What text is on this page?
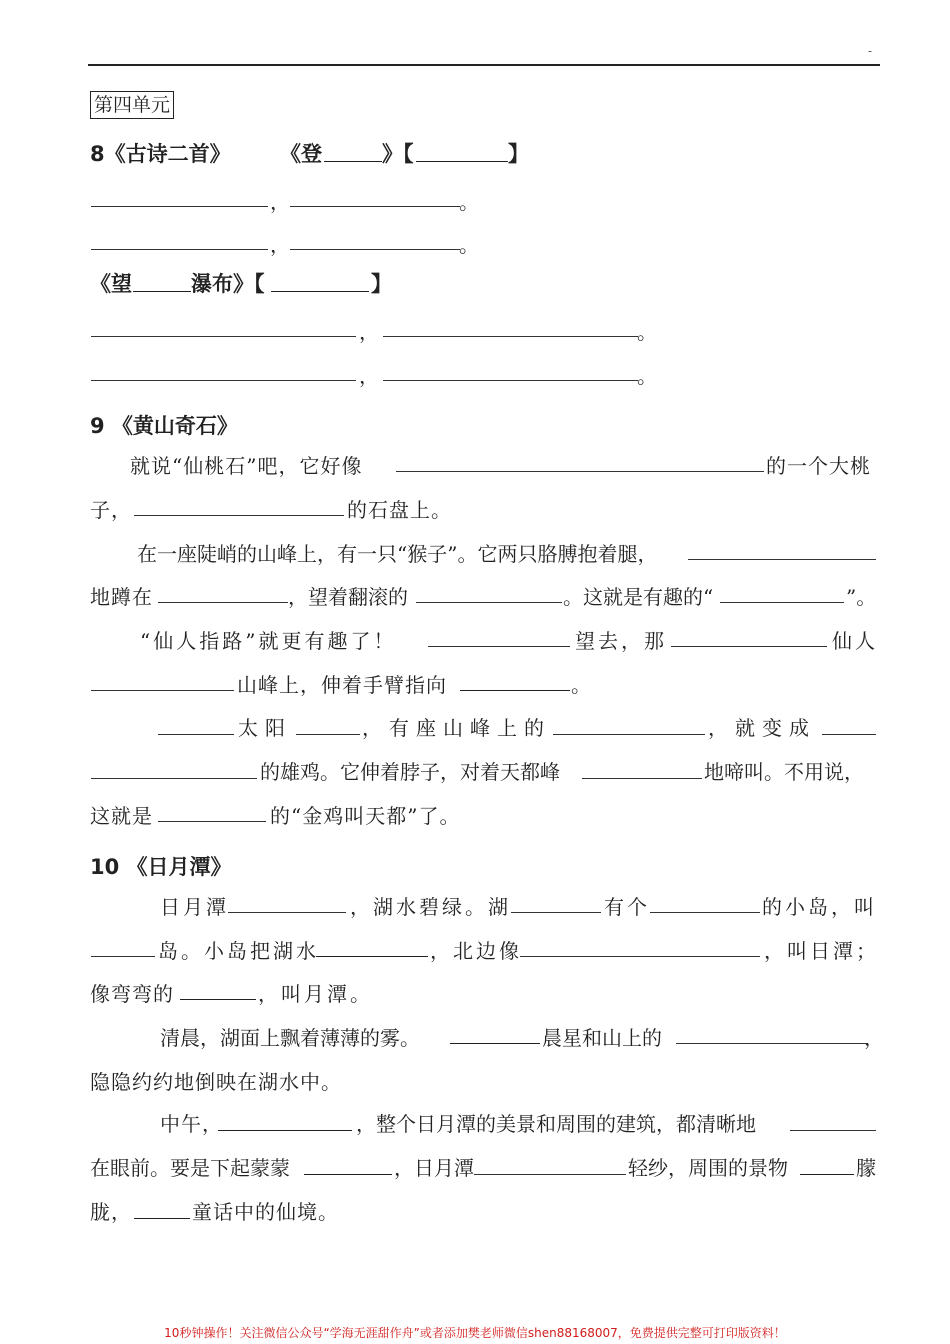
-
第四单元
8《古诗二首》 《登	》【	】
，	。
，	。
《望	瀑布》【	】
，	。
，	。
9 《黄山奇石》
就说“仙桃石”吧，它好像	的一个大桃
子，	的石盘上。
在一座陡峭的山峰上，有一只“猴子”。它两只胳膊抱着腿，
地蹲在	，望着翻滚的	。这就是有趣的“	”。
“仙人指路”就更有趣了！	望去，那	仙人
山峰上，伸着手臂指向	。
太阳	，有座山峰上的	，就变成
的雄鸡。它伸着脖子，对着天都峰	地啼叫。不用说，
这就是	的“金鸡叫天都”了。
10 《日月潭》
日月潭	，湖水碧绿。湖	有个	的小岛，叫
岛。小岛把湖水	，北边像	，叫日潭；
像弯弯的	，叫月潭。
清晨，湖面上飘着薄薄的雾。	晨星和山上的	，
隐隐约约地倒映在湖水中。
中午，	，整个日月潭的美景和周围的建筑，都清晰地
在眼前。要是下起蒙蒙	，日月潭	轻纱，周围的景物	朦
胧，	童话中的仙境。
10秒钟操作！关注微信公众号“学海无涯甜作舟”或者添加樊老师微信shen88168007，免费提供完整可打印版资料！
